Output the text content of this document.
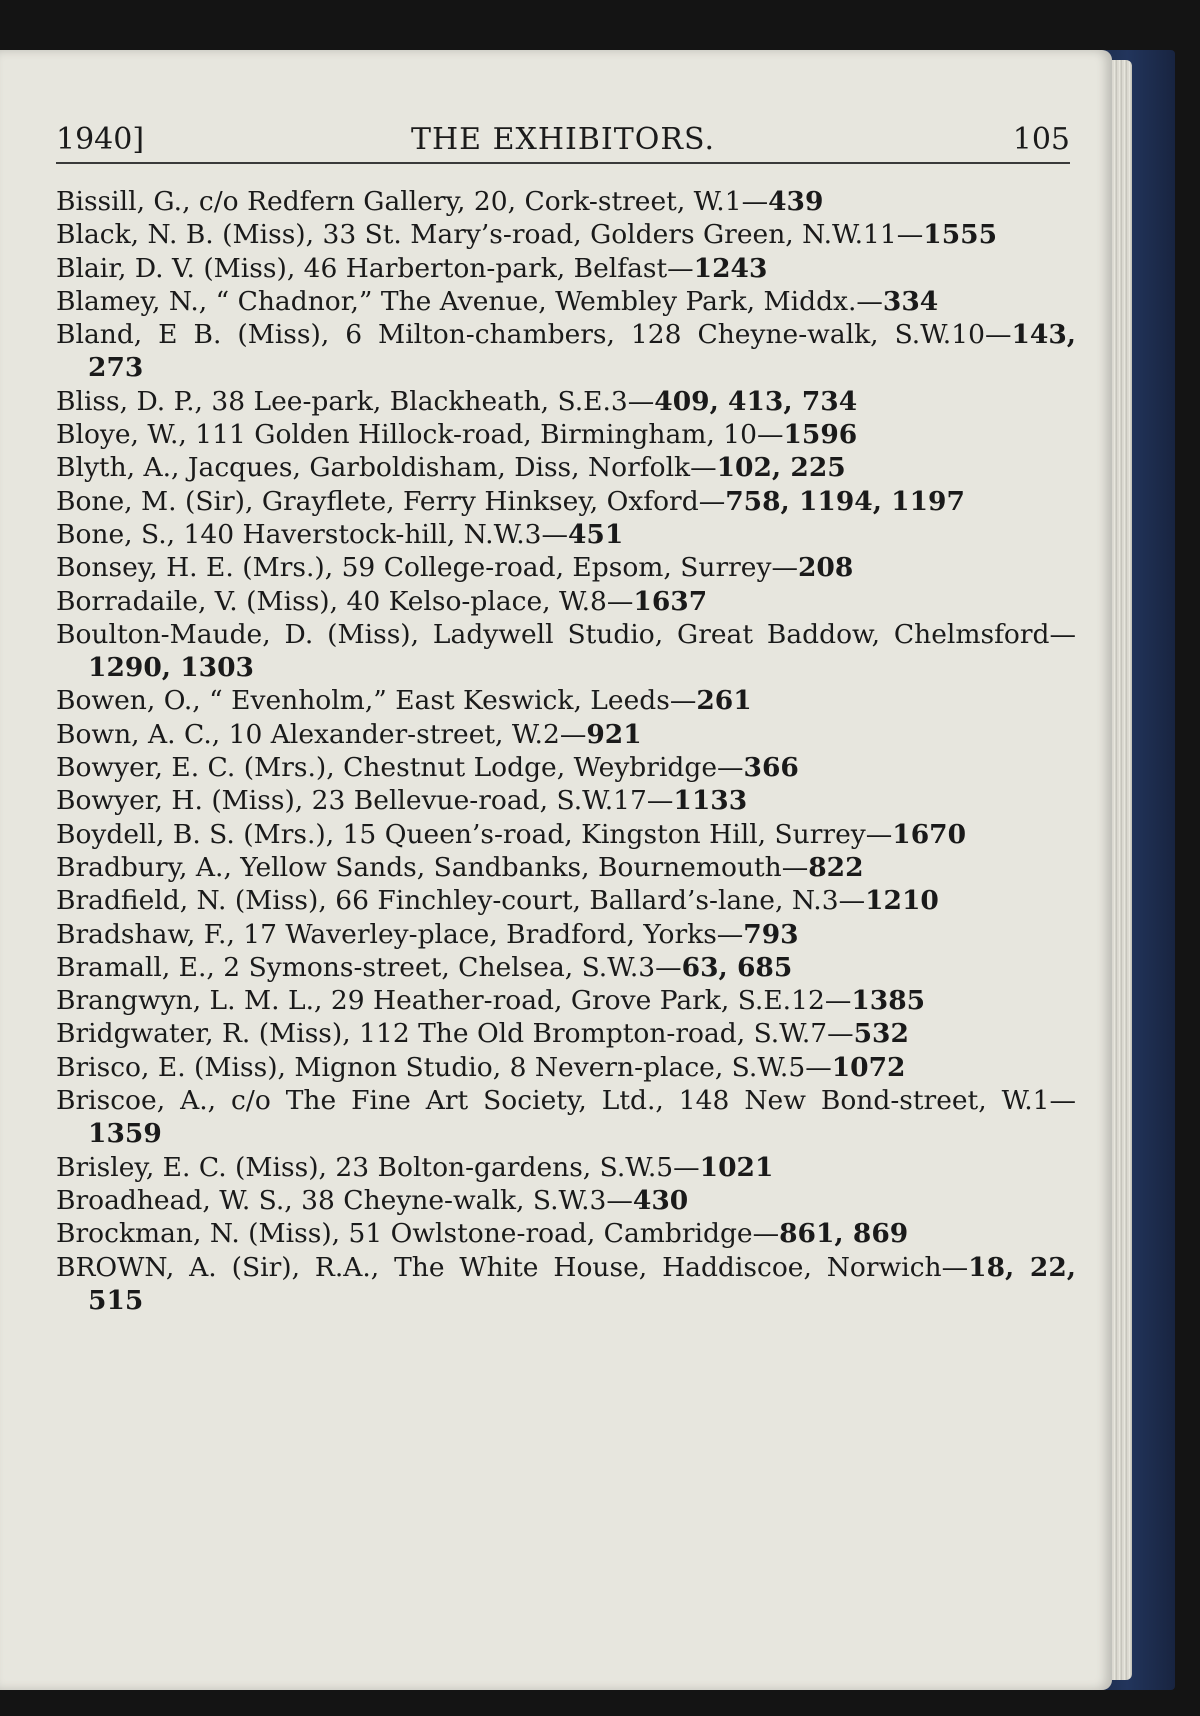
1940]	THE EXHIBITORS.	105
Bissill, G., c/o Redfern Gallery, 20, Cork-street, W.1—439
Black, N. B. (Miss), 33 St. Mary’s-road, Golders Green, N.W.11—1555
Blair, D. V. (Miss), 46 Harberton-park, Belfast—1243
Blamey, N., “ Chadnor,” The Avenue, Wembley Park, Middx.—334
Bland, E B. (Miss), 6 Milton-chambers, 128 Cheyne-walk, S.W.10—143, 273
Bliss, D. P., 38 Lee-park, Blackheath, S.E.3—409, 413, 734
Bloye, W., 111 Golden Hillock-road, Birmingham, 10—1596
Blyth, A., Jacques, Garboldisham, Diss, Norfolk—102, 225
Bone, M. (Sir), Grayflete, Ferry Hinksey, Oxford—758, 1194, 1197
Bone, S., 140 Haverstock-hill, N.W.3—451
Bonsey, H. E. (Mrs.), 59 College-road, Epsom, Surrey—208
Borradaile, V. (Miss), 40 Kelso-place, W.8—1637
Boulton-Maude, D. (Miss), Ladywell Studio, Great Baddow, Chelmsford—1290, 1303
Bowen, O., “ Evenholm,” East Keswick, Leeds—261
Bown, A. C., 10 Alexander-street, W.2—921
Bowyer, E. C. (Mrs.), Chestnut Lodge, Weybridge—366
Bowyer, H. (Miss), 23 Bellevue-road, S.W.17—1133
Boydell, B. S. (Mrs.), 15 Queen’s-road, Kingston Hill, Surrey—1670
Bradbury, A., Yellow Sands, Sandbanks, Bournemouth—822
Bradfield, N. (Miss), 66 Finchley-court, Ballard’s-lane, N.3—1210
Bradshaw, F., 17 Waverley-place, Bradford, Yorks—793
Bramall, E., 2 Symons-street, Chelsea, S.W.3—63, 685
Brangwyn, L. M. L., 29 Heather-road, Grove Park, S.E.12—1385
Bridgwater, R. (Miss), 112 The Old Brompton-road, S.W.7—532
Brisco, E. (Miss), Mignon Studio, 8 Nevern-place, S.W.5—1072
Briscoe, A., c/o The Fine Art Society, Ltd., 148 New Bond-street, W.1—1359
Brisley, E. C. (Miss), 23 Bolton-gardens, S.W.5—1021
Broadhead, W. S., 38 Cheyne-walk, S.W.3—430
Brockman, N. (Miss), 51 Owlstone-road, Cambridge—861, 869
BROWN, A. (Sir), R.A., The White House, Haddiscoe, Norwich—18, 22, 515
